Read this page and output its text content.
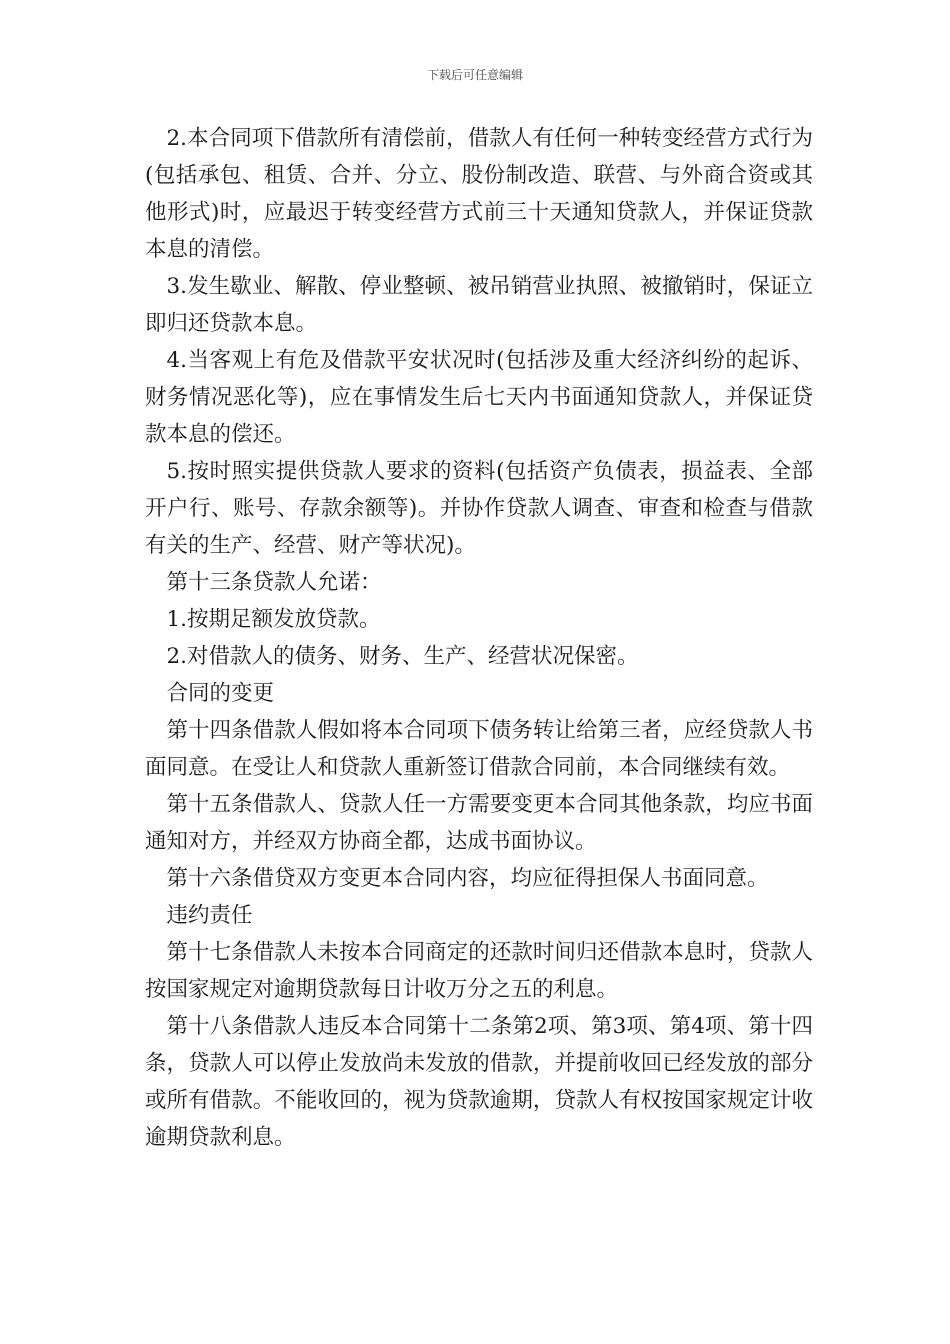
下载后可任意编辑

2.本合同项下借款所有清偿前，借款人有任何一种转变经营方式行为(包括承包、租赁、合并、分立、股份制改造、联营、与外商合资或其他形式)时，应最迟于转变经营方式前三十天通知贷款人，并保证贷款本息的清偿。

3.发生歇业、解散、停业整顿、被吊销营业执照、被撤销时，保证立即归还贷款本息。

4.当客观上有危及借款平安状况时(包括涉及重大经济纠纷的起诉、财务情况恶化等)，应在事情发生后七天内书面通知贷款人，并保证贷款本息的偿还。

5.按时照实提供贷款人要求的资料(包括资产负债表，损益表、全部开户行、账号、存款余额等)。并协作贷款人调查、审查和检查与借款有关的生产、经营、财产等状况)。

第十三条贷款人允诺：

1.按期足额发放贷款。

2.对借款人的债务、财务、生产、经营状况保密。

合同的变更

第十四条借款人假如将本合同项下债务转让给第三者，应经贷款人书面同意。在受让人和贷款人重新签订借款合同前，本合同继续有效。

第十五条借款人、贷款人任一方需要变更本合同其他条款，均应书面通知对方，并经双方协商全都，达成书面协议。

第十六条借贷双方变更本合同内容，均应征得担保人书面同意。

违约责任

第十七条借款人未按本合同商定的还款时间归还借款本息时，贷款人按国家规定对逾期贷款每日计收万分之五的利息。

第十八条借款人违反本合同第十二条第2项、第3项、第4项、第十四条，贷款人可以停止发放尚未发放的借款，并提前收回已经发放的部分或所有借款。不能收回的，视为贷款逾期，贷款人有权按国家规定计收逾期贷款利息。
